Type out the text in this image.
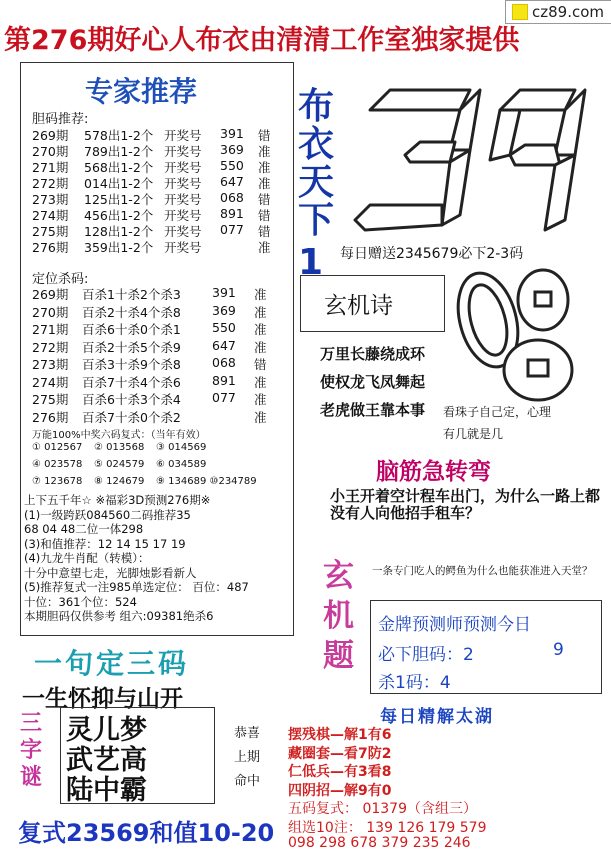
第276期好心人布衣由清清工作室独家提供
cz89.com
专家推荐
胆码推荐:
定位杀码:
万能100%中奖六码复式：（当年有效）
布
衣
天
下
1
39
每日赠送2345679必下2-3码
玄机诗
万里长藤绕成环
使权龙飞凤舞起
老虎做王靠本事 看珠子自己定，心理
有几就是几
脑筋急转弯
小王开着空计程车出门，为什么一路上都没有人向他招手租车？
玄
机
题
一条专门吃人的鳄鱼为什么也能获准进入天堂？
金牌预测师预测今日
必下胆码：2	9
杀1码：4
每日精解太湖
一句定三码
一生怀抑与山开
三
字
谜
灵儿梦
武艺高
陆中霸
恭喜
上期
命中
复式23569和值10-20
269期 578出1-2个 开奖号 391 错
270期 789出1-2个 开奖号 369 准
271期 568出1-2个 开奖号 550 准
272期 014出1-2个 开奖号 647 准
273期 125出1-2个 开奖号 068 错
274期 456出1-2个 开奖号 891 错
275期 128出1-2个 开奖号 077 错
276期 359出1-2个 开奖号	准
269期 百杀1十杀2个杀3 391 准
270期 百杀2十杀4个杀8 369 准
271期 百杀6十杀0个杀1 550 准
272期 百杀2十杀5个杀9 647 准
273期 百杀3十杀9个杀8 068 错
274期 百杀7十杀4个杀6 891 准
275期 百杀6十杀3个杀4 077 准
276期 百杀7十杀0个杀2	准
① 012567 ② 013568 ③ 014569
④ 023578 ⑤ 024579 ⑥ 034589
⑦ 123678 ⑧ 124679 ⑨ 134689 ⑩234789
上下五千年☆ ※福彩3D预测276期※
(1)一级跨跃084560二码推荐35
68 04 48二位一体298
(3)和值推荐：12 14 15 17 19
(4)九龙牛肖配（转模）：
十分中意望七走，光脚烛影看新人
(5)推荐复式一注985单选定位： 百位：487
十位：361个位：524
本期胆码仅供参考 组六:09381绝杀6
摆残棋—解1有6
藏圈套—看7防2
仁低兵—有3看8
四阴招—解9有0
五码复式： 01379（含组三）
组选10注： 139 126 179 579
098 298 678 379 235 246
